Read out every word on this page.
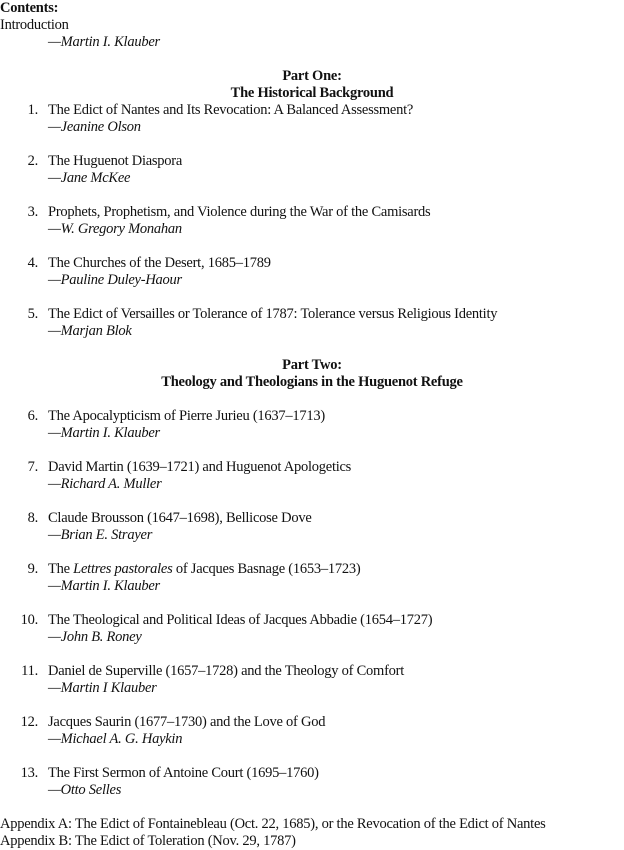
Contents:
Introduction
—Martin I. Klauber
Part One:
The Historical Background
1. The Edict of Nantes and Its Revocation: A Balanced Assessment?
—Jeanine Olson
2. The Huguenot Diaspora
—Jane McKee
3. Prophets, Prophetism, and Violence during the War of the Camisards
—W. Gregory Monahan
4. The Churches of the Desert, 1685–1789
—Pauline Duley-Haour
5. The Edict of Versailles or Tolerance of 1787: Tolerance versus Religious Identity
—Marjan Blok
Part Two:
Theology and Theologians in the Huguenot Refuge
6. The Apocalypticism of Pierre Jurieu (1637–1713)
—Martin I. Klauber
7. David Martin (1639–1721) and Huguenot Apologetics
—Richard A. Muller
8. Claude Brousson (1647–1698), Bellicose Dove
—Brian E. Strayer
9. The Lettres pastorales of Jacques Basnage (1653–1723)
—Martin I. Klauber
10. The Theological and Political Ideas of Jacques Abbadie (1654–1727)
—John B. Roney
11. Daniel de Superville (1657–1728) and the Theology of Comfort
—Martin I Klauber
12. Jacques Saurin (1677–1730) and the Love of God
—Michael A. G. Haykin
13. The First Sermon of Antoine Court (1695–1760)
—Otto Selles
Appendix A: The Edict of Fontainebleau (Oct. 22, 1685), or the Revocation of the Edict of Nantes
Appendix B: The Edict of Toleration (Nov. 29, 1787)
